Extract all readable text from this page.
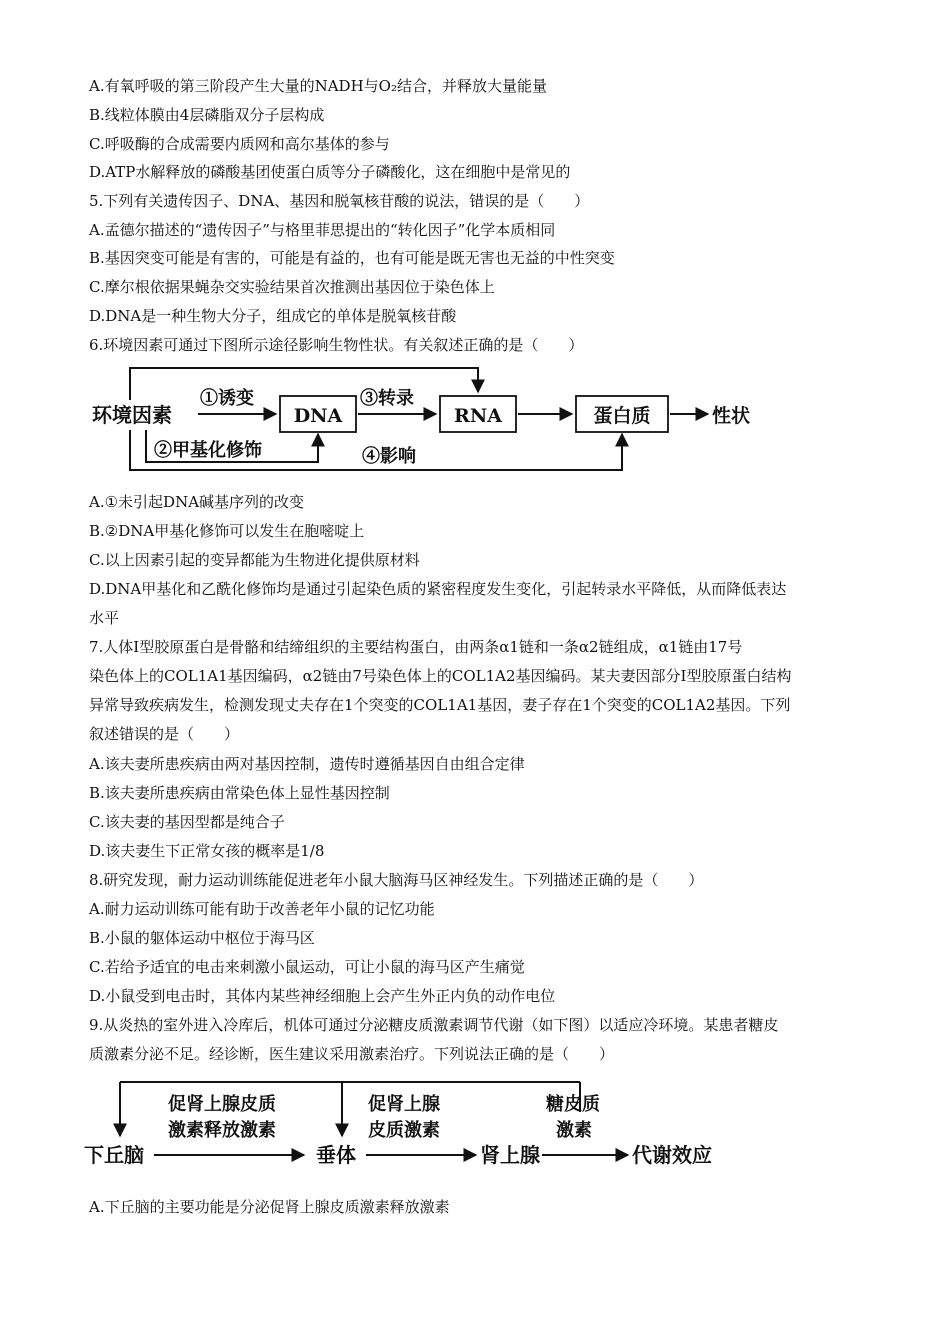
A.有氧呼吸的第三阶段产生大量的NADH与O₂结合，并释放大量能量
B.线粒体膜由4层磷脂双分子层构成
C.呼吸酶的合成需要内质网和高尔基体的参与
D.ATP水解释放的磷酸基团使蛋白质等分子磷酸化，这在细胞中是常见的
5.下列有关遗传因子、DNA、基因和脱氧核苷酸的说法，错误的是（　　）
A.孟德尔描述的“遗传因子”与格里菲思提出的“转化因子”化学本质相同
B.基因突变可能是有害的，可能是有益的，也有可能是既无害也无益的中性突变
C.摩尔根依据果蝇杂交实验结果首次推测出基因位于染色体上
D.DNA是一种生物大分子，组成它的单体是脱氧核苷酸
6.环境因素可通过下图所示途径影响生物性状。有关叙述正确的是（　　）
环境因素
①诱变
DNA
③转录
RNA	蛋白质	性状
②甲基化修饰	④影响
A.①未引起DNA碱基序列的改变
B.②DNA甲基化修饰可以发生在胞嘧啶上
C.以上因素引起的变异都能为生物进化提供原材料
D.DNA甲基化和乙酰化修饰均是通过引起染色质的紧密程度发生变化，引起转录水平降低，从而降低表达
水平
7.人体Ⅰ型胶原蛋白是骨骼和结缔组织的主要结构蛋白，由两条α1链和一条α2链组成，α1链由17号
染色体上的COL1A1基因编码，α2链由7号染色体上的COL1A2基因编码。某夫妻因部分Ⅰ型胶原蛋白结构
异常导致疾病发生，检测发现丈夫存在1个突变的COL1A1基因，妻子存在1个突变的COL1A2基因。下列
叙述错误的是（　　）
A.该夫妻所患疾病由两对基因控制，遗传时遵循基因自由组合定律
B.该夫妻所患疾病由常染色体上显性基因控制
C.该夫妻的基因型都是纯合子
D.该夫妻生下正常女孩的概率是1/8
8.研究发现，耐力运动训练能促进老年小鼠大脑海马区神经发生。下列描述正确的是（　　）
A.耐力运动训练可能有助于改善老年小鼠的记忆功能
B.小鼠的躯体运动中枢位于海马区
C.若给予适宜的电击来刺激小鼠运动，可让小鼠的海马区产生痛觉
D.小鼠受到电击时，其体内某些神经细胞上会产生外正内负的动作电位
9.从炎热的室外进入冷库后，机体可通过分泌糖皮质激素调节代谢（如下图）以适应冷环境。某患者糖皮
质激素分泌不足。经诊断，医生建议采用激素治疗。下列说法正确的是（　　）
下丘脑
促肾上腺皮质
激素释放激素
垂体
促肾上腺
皮质激素
肾上腺
糖皮质
激素
代谢效应
A.下丘脑的主要功能是分泌促肾上腺皮质激素释放激素
